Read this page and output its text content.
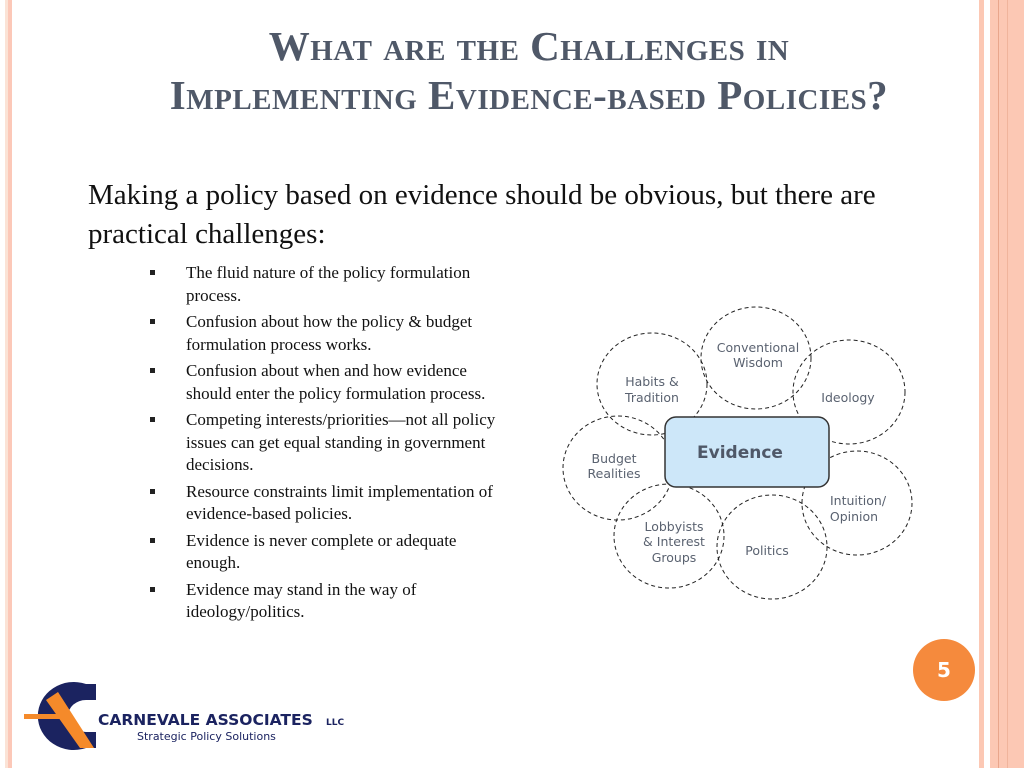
What are the Challenges in
Implementing Evidence-based Policies?
Making a policy based on evidence should be obvious, but there are practical challenges:
The fluid nature of the policy formulation process.
Confusion about how the policy & budget formulation process works.
Confusion about when and how evidence should enter the policy formulation process.
Competing interests/priorities—not all policy issues can get equal standing in government decisions.
Resource constraints limit implementation of evidence-based policies.
Evidence is never complete or adequate enough.
Evidence may stand in the way of ideology/politics.
Evidence
Habits & Tradition
Conventional Wisdom
Ideology
Budget Realities
Intuition/ Opinion
Lobbyists & Interest Groups	Politics
5
CARNEVALE ASSOCIATES LLC
Strategic Policy Solutions
